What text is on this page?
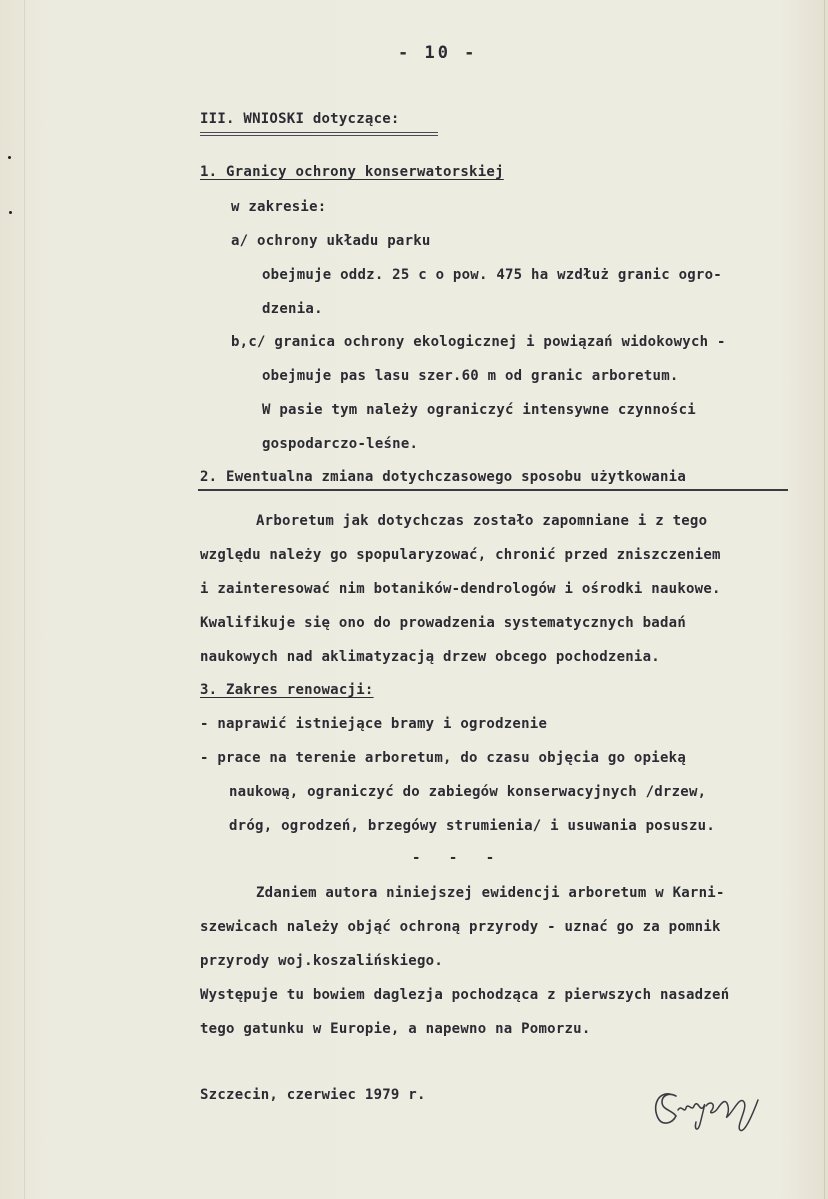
- 10 -
III. WNIOSKI dotyczące:
1. Granicy ochrony konserwatorskiej
w zakresie:
a/ ochrony układu parku
obejmuje oddz. 25 c o pow. 475 ha wzdłuż granic ogro-
dzenia.
b,c/ granica ochrony ekologicznej i powiązań widokowych -
obejmuje pas lasu szer.60 m od granic arboretum.
W pasie tym należy ograniczyć intensywne czynności
gospodarczo-leśne.
2. Ewentualna zmiana dotychczasowego sposobu użytkowania
Arboretum jak dotychczas zostało zapomniane i z tego
względu należy go spopularyzować, chronić przed zniszczeniem
i zainteresować nim botaników-dendrologów i ośrodki naukowe.
Kwalifikuje się ono do prowadzenia systematycznych badań
naukowych nad aklimatyzacją drzew obcego pochodzenia.
3. Zakres renowacji:
- naprawić istniejące bramy i ogrodzenie
- prace na terenie arboretum, do czasu objęcia go opieką
naukową, ograniczyć do zabiegów konserwacyjnych /drzew,
dróg, ogrodzeń, brzegówy strumienia/ i usuwania posuszu.
- - -
Zdaniem autora niniejszej ewidencji arboretum w Karni-
szewicach należy objąć ochroną przyrody - uznać go za pomnik
przyrody woj.koszalińskiego.
Występuje tu bowiem daglezja pochodząca z pierwszych nasadzeń
tego gatunku w Europie, a napewno na Pomorzu.
Szczecin, czerwiec 1979 r.
